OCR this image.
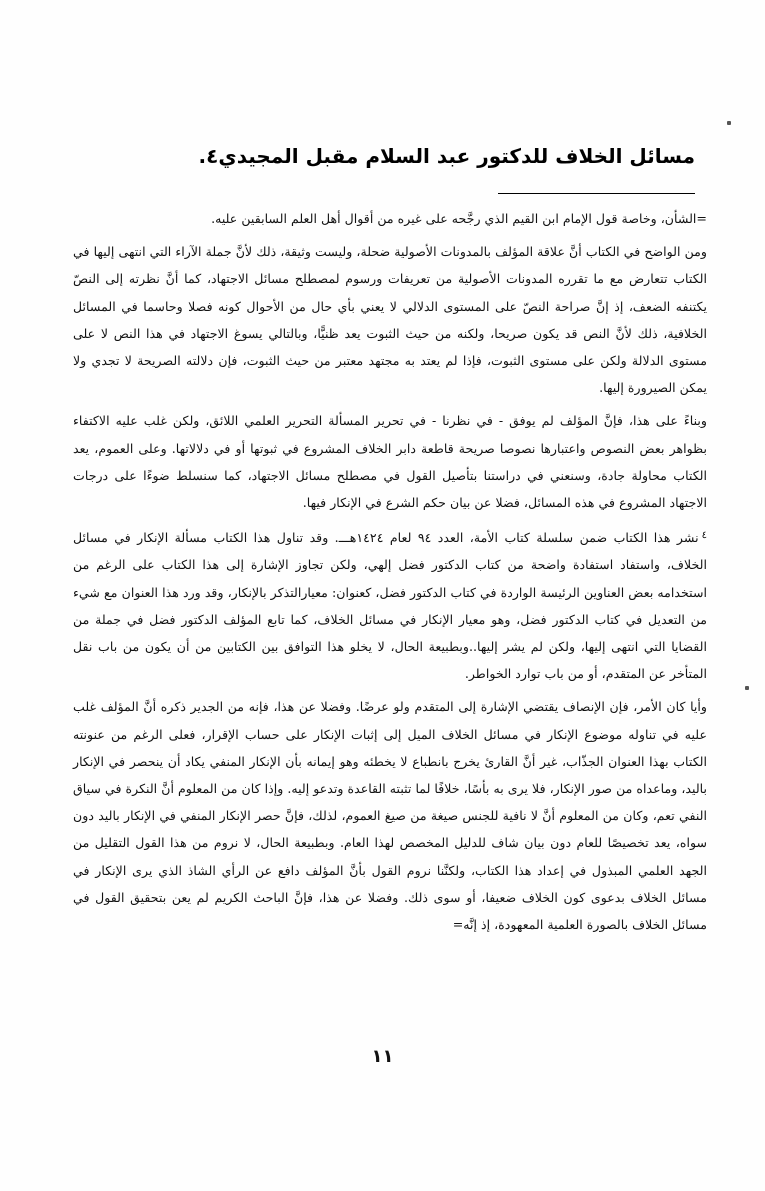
مسائل الخلاف للدكتور عبد السلام مقبل المجيدي٤.

=الشأن، وخاصة قول الإمام ابن القيم الذي رجَّحه على غيره من أقوال أهل العلم السابقين عليه.

ومن الواضح في الكتاب أنَّ علاقة المؤلف بالمدونات الأصولية ضحلة، وليست وثيقة، ذلك لأنَّ جملة الآراء التي انتهى إليها في الكتاب تتعارض مع ما تقرره المدونات الأصولية من تعريفات ورسوم لمصطلح مسائل الاجتهاد، كما أنَّ نظرته إلى النصّ يكتنفه الضعف، إذ إنَّ صراحة النصّ على المستوى الدلالي لا يعني بأي حال من الأحوال كونه فصلا وحاسما في المسائل الخلافية، ذلك لأنَّ النص قد يكون صريحا، ولكنه من حيث الثبوت يعد ظنيًّا، وبالتالي يسوغ الاجتهاد في هذا النص لا على مستوى الدلالة ولكن على مستوى الثبوت، فإذا لم يعتد به مجتهد معتبر من حيث الثبوت، فإن دلالته الصريحة لا تجدي ولا يمكن الصيرورة إليها.

وبناءً على هذا، فإنَّ المؤلف لم يوفق - في نظرنا - في تحرير المسألة التحرير العلمي اللائق، ولكن غلب عليه الاكتفاء بظواهر بعض النصوص واعتبارها نصوصا صريحة قاطعة دابر الخلاف المشروع في ثبوتها أو في دلالاتها. وعلى العموم، يعد الكتاب محاولة جادة، وسنعني في دراستنا بتأصيل القول في مصطلح مسائل الاجتهاد، كما سنسلط ضوءًا على درجات الاجتهاد المشروع في هذه المسائل، فضلا عن بيان حكم الشرع في الإنكار فيها.

$^٤$نشر هذا الكتاب ضمن سلسلة كتاب الأمة، العدد ٩٤ لعام ١٤٢٤هـــ. وقد تناول هذا الكتاب مسألة الإنكار في مسائل الخلاف، واستفاد استفادة واضحة من كتاب الدكتور فضل إلهي، ولكن تجاوز الإشارة إلى هذا الكتاب على الرغم من استخدامه بعض العناوين الرئيسة الواردة في كتاب الدكتور فضل، كعنوان: معيارالتذكر بالإنكار، وقد ورد هذا العنوان مع شيء من التعديل في كتاب الدكتور فضل، وهو معيار الإنكار في مسائل الخلاف، كما تابع المؤلف الدكتور فضل في جملة من القضايا التي انتهى إليها، ولكن لم يشر إليها..وبطبيعة الحال، لا يخلو هذا التوافق بين الكتابين من أن يكون من باب نقل المتأخر عن المتقدم، أو من باب توارد الخواطر.

وأيا كان الأمر، فإن الإنصاف يقتضي الإشارة إلى المتقدم ولو عرضًا. وفضلا عن هذا، فإنه من الجدير ذكره أنَّ المؤلف غلب عليه في تناوله موضوع الإنكار في مسائل الخلاف الميل إلى إثبات الإنكار على حساب الإقرار، فعلى الرغم من عنونته الكتاب بهذا العنوان الجذّاب، غير أنَّ القارئ يخرج بانطباع لا يخطئه وهو إيمانه بأن الإنكار المنفي يكاد أن ينحصر في الإنكار باليد، وماعداه من صور الإنكار، فلا يرى به بأسًا، خلافًا لما تثبته القاعدة وتدعو إليه. وإذا كان من المعلوم أنَّ النكرة في سياق النفي تعم، وكان من المعلوم أنَّ لا نافية للجنس صيغة من صيغ العموم، لذلك، فإنَّ حصر الإنكار المنفي في الإنكار باليد دون سواه، يعد تخصيصًا للعام دون بيان شاف للدليل المخصص لهذا العام. وبطبيعة الحال، لا نروم من هذا القول التقليل من الجهد العلمي المبذول في إعداد هذا الكتاب، ولكنَّنا نروم القول بأنَّ المؤلف دافع عن الرأي الشاذ الذي يرى الإنكار في مسائل الخلاف بدعوى كون الخلاف ضعيفا، أو سوى ذلك. وفضلا عن هذا، فإنَّ الباحث الكريم لم يعن بتحقيق القول في مسائل الخلاف بالصورة العلمية المعهودة، إذ إنَّه=

١١
